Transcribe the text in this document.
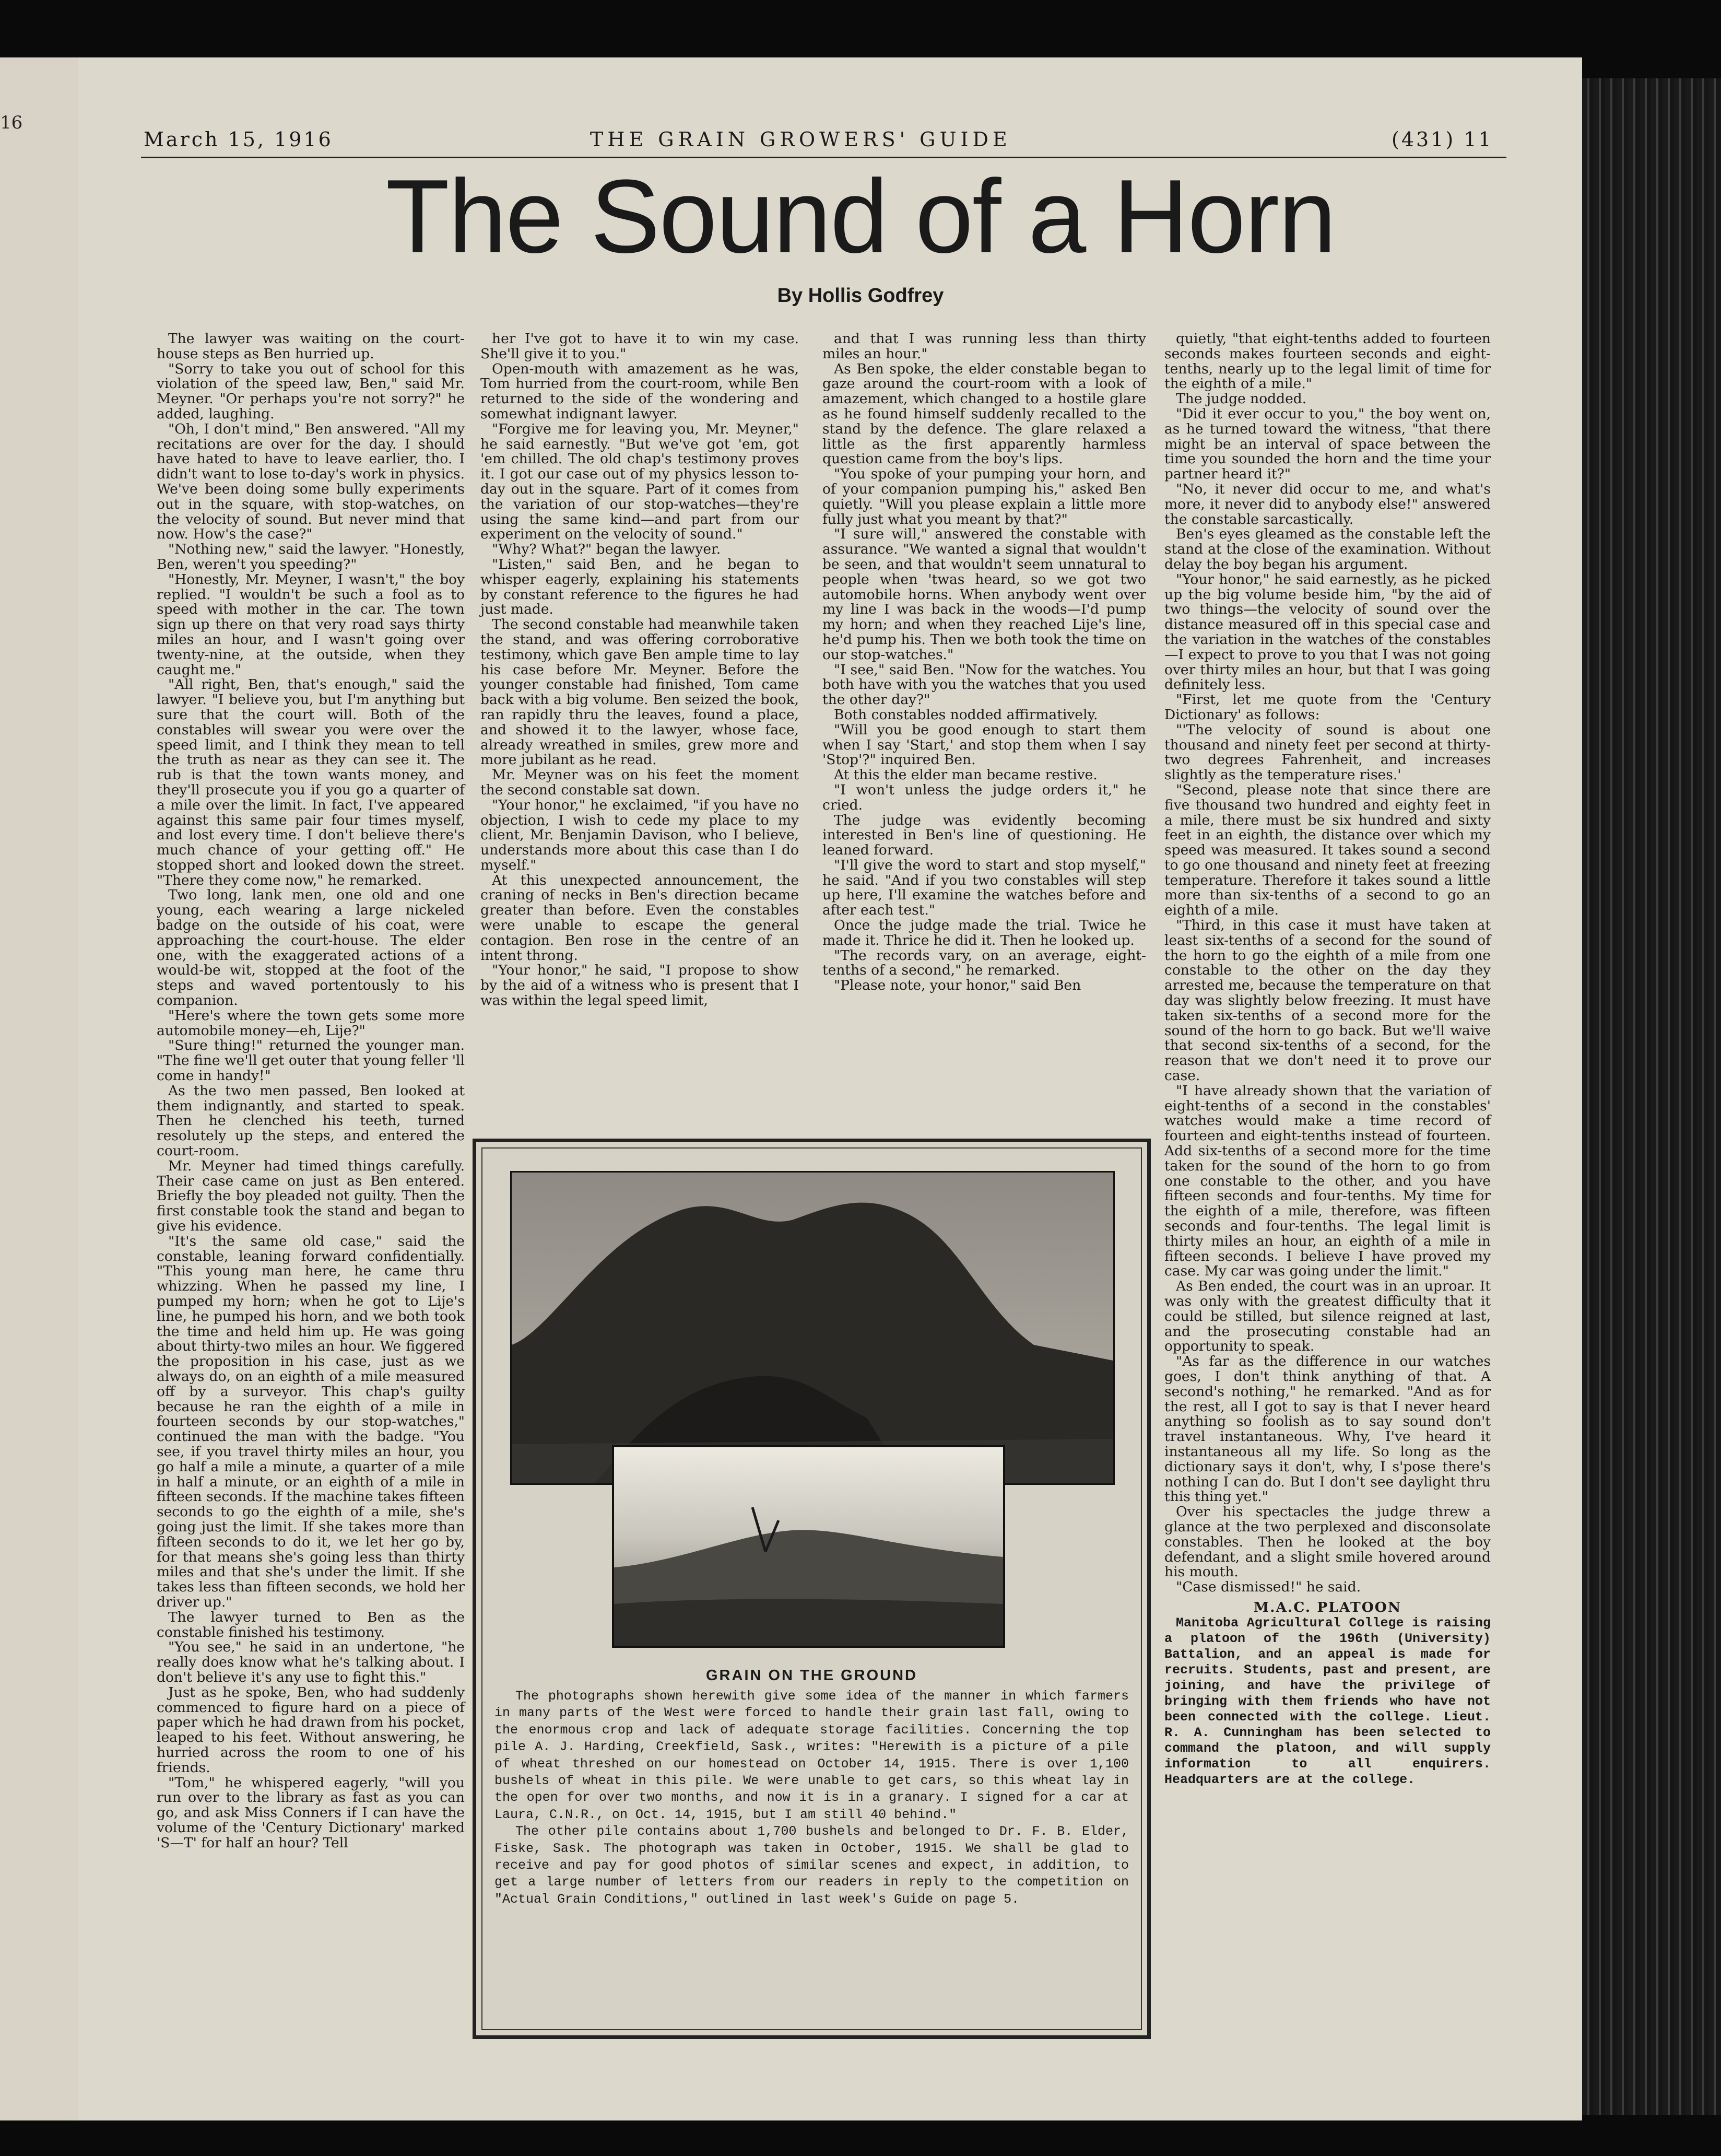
16
March 15, 1916	THE GRAIN GROWERS' GUIDE	(431) 11
The Sound of a Horn
By Hollis Godfrey

The lawyer was waiting on the court-house steps as Ben hurried up.

"Sorry to take you out of school for this violation of the speed law, Ben," said Mr. Meyner. "Or perhaps you're not sorry?" he added, laughing.

"Oh, I don't mind," Ben answered. "All my recitations are over for the day. I should have hated to have to leave earlier, tho. I didn't want to lose to-day's work in physics. We've been doing some bully experiments out in the square, with stop-watches, on the velocity of sound. But never mind that now. How's the case?"

"Nothing new," said the lawyer. "Honestly, Ben, weren't you speeding?"

"Honestly, Mr. Meyner, I wasn't," the boy replied. "I wouldn't be such a fool as to speed with mother in the car. The town sign up there on that very road says thirty miles an hour, and I wasn't going over twenty-nine, at the outside, when they caught me."

"All right, Ben, that's enough," said the lawyer. "I believe you, but I'm anything but sure that the court will. Both of the constables will swear you were over the speed limit, and I think they mean to tell the truth as near as they can see it. The rub is that the town wants money, and they'll prosecute you if you go a quarter of a mile over the limit. In fact, I've appeared against this same pair four times myself, and lost every time. I don't believe there's much chance of your getting off." He stopped short and looked down the street. "There they come now," he remarked.

Two long, lank men, one old and one young, each wearing a large nickeled badge on the outside of his coat, were approaching the court-house. The elder one, with the exaggerated actions of a would-be wit, stopped at the foot of the steps and waved portentously to his companion.

"Here's where the town gets some more automobile money—eh, Lije?"

"Sure thing!" returned the younger man. "The fine we'll get outer that young feller 'll come in handy!"

As the two men passed, Ben looked at them indignantly, and started to speak. Then he clenched his teeth, turned resolutely up the steps, and entered the court-room.

Mr. Meyner had timed things carefully. Their case came on just as Ben entered. Briefly the boy pleaded not guilty. Then the first constable took the stand and began to give his evidence.

"It's the same old case," said the constable, leaning forward confidentially. "This young man here, he came thru whizzing. When he passed my line, I pumped my horn; when he got to Lije's line, he pumped his horn, and we both took the time and held him up. He was going about thirty-two miles an hour. We figgered the proposition in his case, just as we always do, on an eighth of a mile measured off by a surveyor. This chap's guilty because he ran the eighth of a mile in fourteen seconds by our stop-watches," continued the man with the badge. "You see, if you travel thirty miles an hour, you go half a mile a minute, a quarter of a mile in half a minute, or an eighth of a mile in fifteen seconds. If the machine takes fifteen seconds to go the eighth of a mile, she's going just the limit. If she takes more than fifteen seconds to do it, we let her go by, for that means she's going less than thirty miles and that she's under the limit. If she takes less than fifteen seconds, we hold her driver up."

The lawyer turned to Ben as the constable finished his testimony.

"You see," he said in an undertone, "he really does know what he's talking about. I don't believe it's any use to fight this."

Just as he spoke, Ben, who had suddenly commenced to figure hard on a piece of paper which he had drawn from his pocket, leaped to his feet. Without answering, he hurried across the room to one of his friends.

"Tom," he whispered eagerly, "will you run over to the library as fast as you can go, and ask Miss Conners if I can have the volume of the 'Century Dictionary' marked 'S—T' for half an hour? Tell

her I've got to have it to win my case. She'll give it to you."

Open-mouth with amazement as he was, Tom hurried from the court-room, while Ben returned to the side of the wondering and somewhat indignant lawyer.

"Forgive me for leaving you, Mr. Meyner," he said earnestly. "But we've got 'em, got 'em chilled. The old chap's testimony proves it. I got our case out of my physics lesson to-day out in the square. Part of it comes from the variation of our stop-watches—they're using the same kind—and part from our experiment on the velocity of sound."

"Why? What?" began the lawyer.

"Listen," said Ben, and he began to whisper eagerly, explaining his statements by constant reference to the figures he had just made.

The second constable had meanwhile taken the stand, and was offering corroborative testimony, which gave Ben ample time to lay his case before Mr. Meyner. Before the younger constable had finished, Tom came back with a big volume. Ben seized the book, ran rapidly thru the leaves, found a place, and showed it to the lawyer, whose face, already wreathed in smiles, grew more and more jubilant as he read.

Mr. Meyner was on his feet the moment the second constable sat down.

"Your honor," he exclaimed, "if you have no objection, I wish to cede my place to my client, Mr. Benjamin Davison, who I believe, understands more about this case than I do myself."

At this unexpected announcement, the craning of necks in Ben's direction became greater than before. Even the constables were unable to escape the general contagion. Ben rose in the centre of an intent throng.

"Your honor," he said, "I propose to show by the aid of a witness who is present that I was within the legal speed limit,

and that I was running less than thirty miles an hour."

As Ben spoke, the elder constable began to gaze around the court-room with a look of amazement, which changed to a hostile glare as he found himself suddenly recalled to the stand by the defence. The glare relaxed a little as the first apparently harmless question came from the boy's lips.

"You spoke of your pumping your horn, and of your companion pumping his," asked Ben quietly. "Will you please explain a little more fully just what you meant by that?"

"I sure will," answered the constable with assurance. "We wanted a signal that wouldn't be seen, and that wouldn't seem unnatural to people when 'twas heard, so we got two automobile horns. When anybody went over my line I was back in the woods—I'd pump my horn; and when they reached Lije's line, he'd pump his. Then we both took the time on our stop-watches."

"I see," said Ben. "Now for the watches. You both have with you the watches that you used the other day?"

Both constables nodded affirmatively.

"Will you be good enough to start them when I say 'Start,' and stop them when I say 'Stop'?" inquired Ben.

At this the elder man became restive.

"I won't unless the judge orders it," he cried.

The judge was evidently becoming interested in Ben's line of questioning. He leaned forward.

"I'll give the word to start and stop myself," he said. "And if you two constables will step up here, I'll examine the watches before and after each test."

Once the judge made the trial. Twice he made it. Thrice he did it. Then he looked up.

"The records vary, on an average, eight-tenths of a second," he remarked.

"Please note, your honor," said Ben

quietly, "that eight-tenths added to fourteen seconds makes fourteen seconds and eight-tenths, nearly up to the legal limit of time for the eighth of a mile."

The judge nodded.

"Did it ever occur to you," the boy went on, as he turned toward the witness, "that there might be an interval of space between the time you sounded the horn and the time your partner heard it?"

"No, it never did occur to me, and what's more, it never did to anybody else!" answered the constable sarcastically.

Ben's eyes gleamed as the constable left the stand at the close of the examination. Without delay the boy began his argument.

"Your honor," he said earnestly, as he picked up the big volume beside him, "by the aid of two things—the velocity of sound over the distance measured off in this special case and the variation in the watches of the constables—I expect to prove to you that I was not going over thirty miles an hour, but that I was going definitely less.

"First, let me quote from the 'Century Dictionary' as follows:

"'The velocity of sound is about one thousand and ninety feet per second at thirty-two degrees Fahrenheit, and increases slightly as the temperature rises.'

"Second, please note that since there are five thousand two hundred and eighty feet in a mile, there must be six hundred and sixty feet in an eighth, the distance over which my speed was measured. It takes sound a second to go one thousand and ninety feet at freezing temperature. Therefore it takes sound a little more than six-tenths of a second to go an eighth of a mile.

"Third, in this case it must have taken at least six-tenths of a second for the sound of the horn to go the eighth of a mile from one constable to the other on the day they arrested me, because the temperature on that day was slightly below freezing. It must have taken six-tenths of a second more for the sound of the horn to go back. But we'll waive that second six-tenths of a second, for the reason that we don't need it to prove our case.

"I have already shown that the variation of eight-tenths of a second in the constables' watches would make a time record of fourteen and eight-tenths instead of fourteen. Add six-tenths of a second more for the time taken for the sound of the horn to go from one constable to the other, and you have fifteen seconds and four-tenths. My time for the eighth of a mile, therefore, was fifteen seconds and four-tenths. The legal limit is thirty miles an hour, an eighth of a mile in fifteen seconds. I believe I have proved my case. My car was going under the limit."

As Ben ended, the court was in an uproar. It was only with the greatest difficulty that it could be stilled, but silence reigned at last, and the prosecuting constable had an opportunity to speak.

"As far as the difference in our watches goes, I don't think anything of that. A second's nothing," he remarked. "And as for the rest, all I got to say is that I never heard anything so foolish as to say sound don't travel instantaneous. Why, I've heard it instantaneous all my life. So long as the dictionary says it don't, why, I s'pose there's nothing I can do. But I don't see daylight thru this thing yet."

Over his spectacles the judge threw a glance at the two perplexed and disconsolate constables. Then he looked at the boy defendant, and a slight smile hovered around his mouth.

"Case dismissed!" he said.

M.A.C. PLATOON

Manitoba Agricultural College is raising a platoon of the 196th (University) Battalion, and an appeal is made for recruits. Students, past and present, are joining, and have the privilege of bringing with them friends who have not been connected with the college. Lieut. R. A. Cunningham has been selected to command the platoon, and will supply information to all enquirers. Headquarters are at the college.

GRAIN ON THE GROUND

The photographs shown herewith give some idea of the manner in which farmers in many parts of the West were forced to handle their grain last fall, owing to the enormous crop and lack of adequate storage facilities. Concerning the top pile A. J. Harding, Creekfield, Sask., writes: "Herewith is a picture of a pile of wheat threshed on our homestead on October 14, 1915. There is over 1,100 bushels of wheat in this pile. We were unable to get cars, so this wheat lay in the open for over two months, and now it is in a granary. I signed for a car at Laura, C.N.R., on Oct. 14, 1915, but I am still 40 behind."

The other pile contains about 1,700 bushels and belonged to Dr. F. B. Elder, Fiske, Sask. The photograph was taken in October, 1915. We shall be glad to receive and pay for good photos of similar scenes and expect, in addition, to get a large number of letters from our readers in reply to the competition on "Actual Grain Conditions," outlined in last week's Guide on page 5.
